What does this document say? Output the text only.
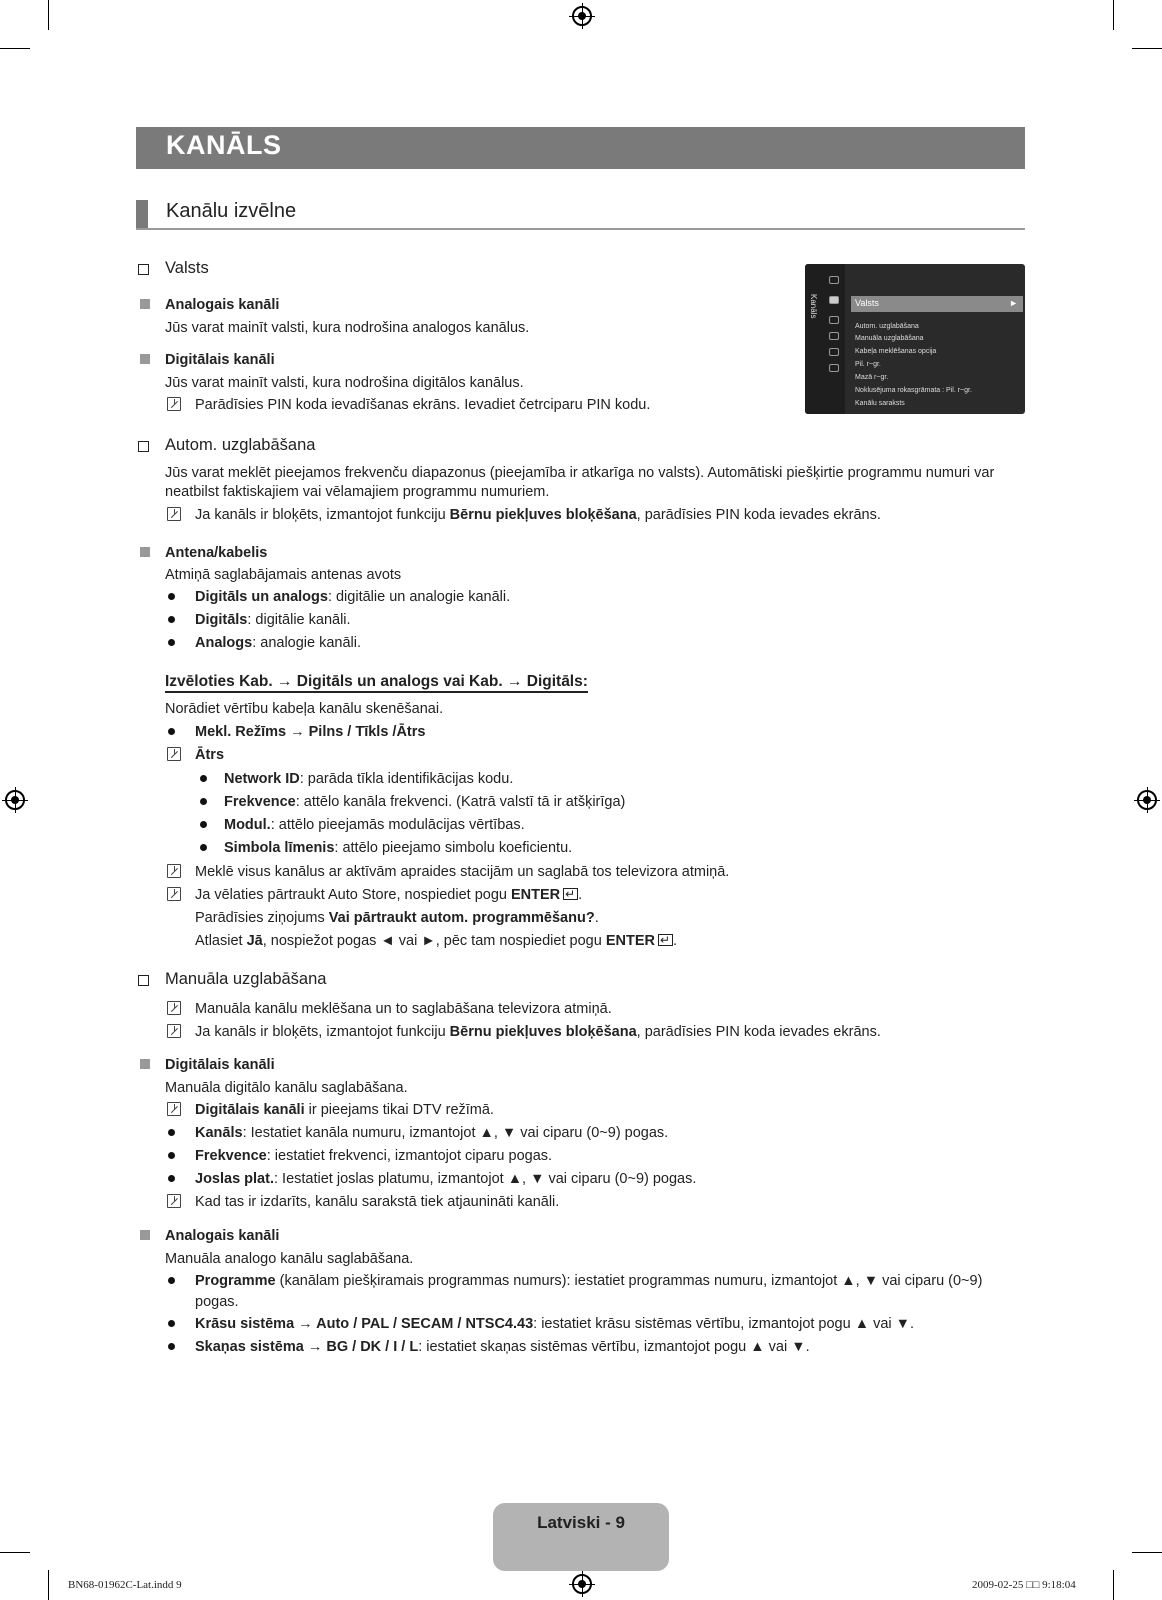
KANĀLS
Kanālu izvēlne
Valsts
Analogais kanāli
Jūs varat mainīt valsti, kura nodrošina analogos kanālus.
Digitālais kanāli
Jūs varat mainīt valsti, kura nodrošina digitālos kanālus.
Parādīsies PIN koda ievadīšanas ekrāns. Ievadiet četrciparu PIN kodu.
Kanāls	Valsts	►
Autom. uzglabāšana
Manuāla uzglabāšana
Kabeļa meklēšanas opcija
Pil. r~gr.
Mazā r~gr.
Noklusējuma rokasgrāmata : Pil. r~gr.
Kanālu saraksts
Autom. uzglabāšana
Jūs varat meklēt pieejamos frekvenču diapazonus (pieejamība ir atkarīga no valsts). Automātiski piešķirtie programmu numuri var
neatbilst faktiskajiem vai vēlamajiem programmu numuriem.
Ja kanāls ir bloķēts, izmantojot funkciju Bērnu piekļuves bloķēšana, parādīsies PIN koda ievades ekrāns.
Antena/kabelis
Atmiņā saglabājamais antenas avots
Digitāls un analogs: digitālie un analogie kanāli.
Digitāls: digitālie kanāli.
Analogs: analogie kanāli.
Izvēloties Kab. → Digitāls un analogs vai Kab. → Digitāls:
Norādiet vērtību kabeļa kanālu skenēšanai.
Mekl. Režīms → Pilns / Tīkls /Ātrs
Ātrs
Network ID: parāda tīkla identifikācijas kodu.
Frekvence: attēlo kanāla frekvenci. (Katrā valstī tā ir atšķirīga)
Modul.: attēlo pieejamās modulācijas vērtības.
Simbola līmenis: attēlo pieejamo simbolu koeficientu.
Meklē visus kanālus ar aktīvām apraides stacijām un saglabā tos televizora atmiņā.
Ja vēlaties pārtraukt Auto Store, nospiediet pogu ENTER ↵ .
Parādīsies ziņojums Vai pārtraukt autom. programmēšanu?.
Atlasiet Jā, nospiežot pogas ◄ vai ►, pēc tam nospiediet pogu ENTER ↵ .
Manuāla uzglabāšana
Manuāla kanālu meklēšana un to saglabāšana televizora atmiņā.
Ja kanāls ir bloķēts, izmantojot funkciju Bērnu piekļuves bloķēšana, parādīsies PIN koda ievades ekrāns.
Digitālais kanāli
Manuāla digitālo kanālu saglabāšana.
Digitālais kanāli ir pieejams tikai DTV režīmā.
Kanāls: Iestatiet kanāla numuru, izmantojot ▲, ▼ vai ciparu (0~9) pogas.
Frekvence: iestatiet frekvenci, izmantojot ciparu pogas.
Joslas plat.: Iestatiet joslas platumu, izmantojot ▲, ▼ vai ciparu (0~9) pogas.
Kad tas ir izdarīts, kanālu sarakstā tiek atjaunināti kanāli.
Analogais kanāli
Manuāla analogo kanālu saglabāšana.
Programme (kanālam piešķiramais programmas numurs): iestatiet programmas numuru, izmantojot ▲, ▼ vai ciparu (0~9)
pogas.
Krāsu sistēma → Auto / PAL / SECAM / NTSC4.43: iestatiet krāsu sistēmas vērtību, izmantojot pogu ▲ vai ▼.
Skaņas sistēma → BG / DK / I / L: iestatiet skaņas sistēmas vērtību, izmantojot pogu ▲ vai ▼.
Latviski - 9
BN68-01962C-Lat.indd 9	2009-02-25 □□ 9:18:04
